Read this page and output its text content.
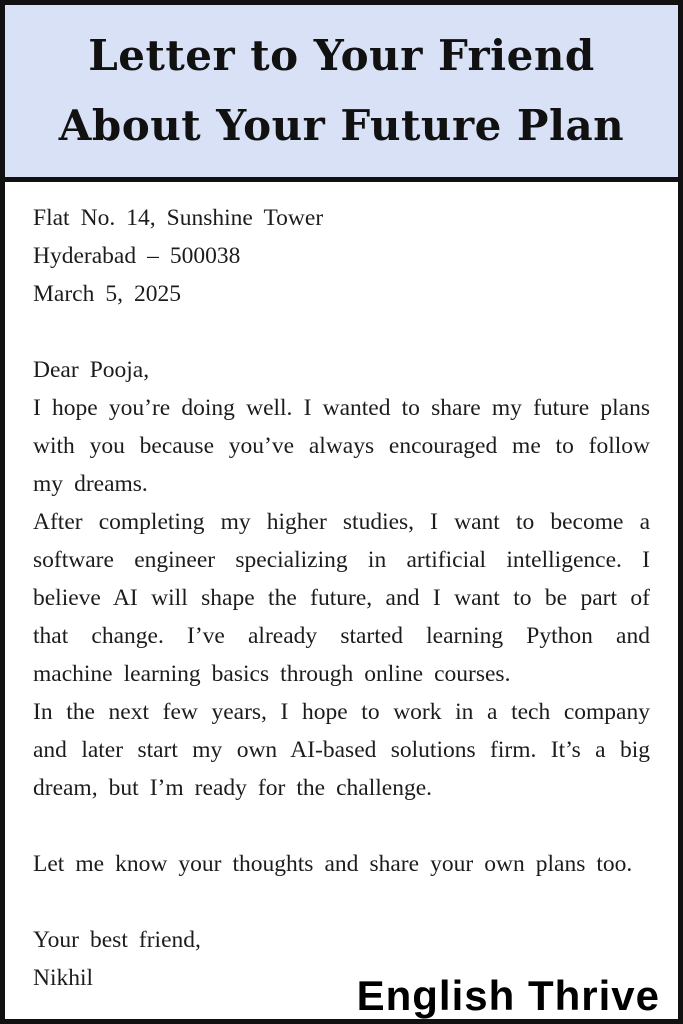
Letter to Your Friend About Your Future Plan

Flat No. 14, Sunshine Tower

Hyderabad – 500038

March 5, 2025

Dear Pooja,

I hope you’re doing well. I wanted to share my future plans with you because you’ve always encouraged me to follow my dreams.

After completing my higher studies, I want to become a software engineer specializing in artificial intelligence. I believe AI will shape the future, and I want to be part of that change. I’ve already started learning Python and machine learning basics through online courses.

In the next few years, I hope to work in a tech company and later start my own AI-based solutions firm. It’s a big dream, but I’m ready for the challenge.

Let me know your thoughts and share your own plans too.

Your best friend,

Nikhil	English Thrive
